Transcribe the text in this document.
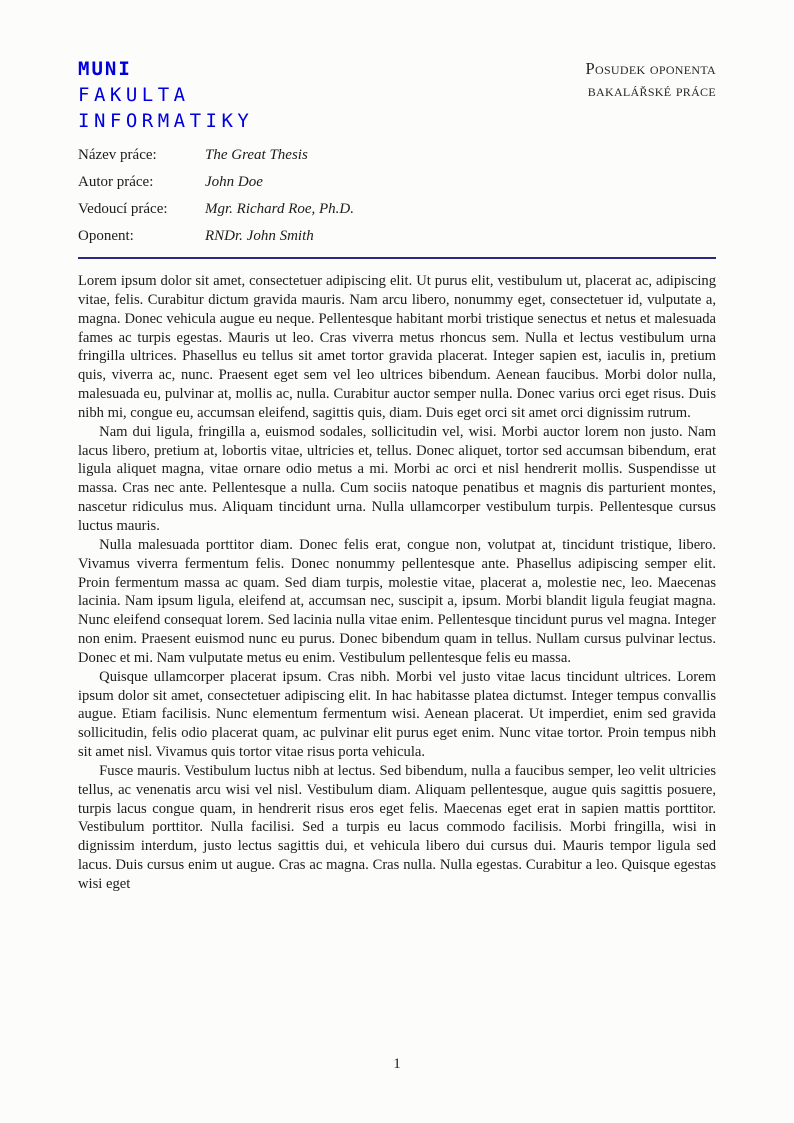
MUNI
FAKULTA
INFORMATIKY
Posudek oponenta
bakalářské práce
Název práce:	The Great Thesis
Autor práce:	John Doe
Vedoucí práce:	Mgr. Richard Roe, Ph.D.
Oponent:	RNDr. John Smith

Lorem ipsum dolor sit amet, consectetuer adipiscing elit. Ut purus elit, vestibulum ut, placerat ac, adipiscing vitae, felis. Curabitur dictum gravida mauris. Nam arcu libero, nonummy eget, consectetuer id, vulputate a, magna. Donec vehicula augue eu neque. Pellentesque habitant morbi tristique senectus et netus et malesuada fames ac turpis egestas. Mauris ut leo. Cras viverra metus rhoncus sem. Nulla et lectus vestibulum urna fringilla ultrices. Phasellus eu tellus sit amet tortor gravida placerat. Integer sapien est, iaculis in, pretium quis, viverra ac, nunc. Praesent eget sem vel leo ultrices bibendum. Aenean faucibus. Morbi dolor nulla, malesuada eu, pulvinar at, mollis ac, nulla. Curabitur auctor semper nulla. Donec varius orci eget risus. Duis nibh mi, congue eu, accumsan eleifend, sagittis quis, diam. Duis eget orci sit amet orci dignissim rutrum.

Nam dui ligula, fringilla a, euismod sodales, sollicitudin vel, wisi. Morbi auctor lorem non justo. Nam lacus libero, pretium at, lobortis vitae, ultricies et, tellus. Donec aliquet, tortor sed accumsan bibendum, erat ligula aliquet magna, vitae ornare odio metus a mi. Morbi ac orci et nisl hendrerit mollis. Suspendisse ut massa. Cras nec ante. Pellentesque a nulla. Cum sociis natoque penatibus et magnis dis parturient montes, nascetur ridiculus mus. Aliquam tincidunt urna. Nulla ullamcorper vestibulum turpis. Pellentesque cursus luctus mauris.

Nulla malesuada porttitor diam. Donec felis erat, congue non, volutpat at, tincidunt tristique, libero. Vivamus viverra fermentum felis. Donec nonummy pellentesque ante. Phasellus adipiscing semper elit. Proin fermentum massa ac quam. Sed diam turpis, molestie vitae, placerat a, molestie nec, leo. Maecenas lacinia. Nam ipsum ligula, eleifend at, accumsan nec, suscipit a, ipsum. Morbi blandit ligula feugiat magna. Nunc eleifend consequat lorem. Sed lacinia nulla vitae enim. Pellentesque tincidunt purus vel magna. Integer non enim. Praesent euismod nunc eu purus. Donec bibendum quam in tellus. Nullam cursus pulvinar lectus. Donec et mi. Nam vulputate metus eu enim. Vestibulum pellentesque felis eu massa.

Quisque ullamcorper placerat ipsum. Cras nibh. Morbi vel justo vitae lacus tincidunt ultrices. Lorem ipsum dolor sit amet, consectetuer adipiscing elit. In hac habitasse platea dictumst. Integer tempus convallis augue. Etiam facilisis. Nunc elementum fermentum wisi. Aenean placerat. Ut imperdiet, enim sed gravida sollicitudin, felis odio placerat quam, ac pulvinar elit purus eget enim. Nunc vitae tortor. Proin tempus nibh sit amet nisl. Vivamus quis tortor vitae risus porta vehicula.

Fusce mauris. Vestibulum luctus nibh at lectus. Sed bibendum, nulla a faucibus semper, leo velit ultricies tellus, ac venenatis arcu wisi vel nisl. Vestibulum diam. Aliquam pellentesque, augue quis sagittis posuere, turpis lacus congue quam, in hendrerit risus eros eget felis. Maecenas eget erat in sapien mattis porttitor. Vestibulum porttitor. Nulla facilisi. Sed a turpis eu lacus commodo facilisis. Morbi fringilla, wisi in dignissim interdum, justo lectus sagittis dui, et vehicula libero dui cursus dui. Mauris tempor ligula sed lacus. Duis cursus enim ut augue. Cras ac magna. Cras nulla. Nulla egestas. Curabitur a leo. Quisque egestas wisi eget

1
